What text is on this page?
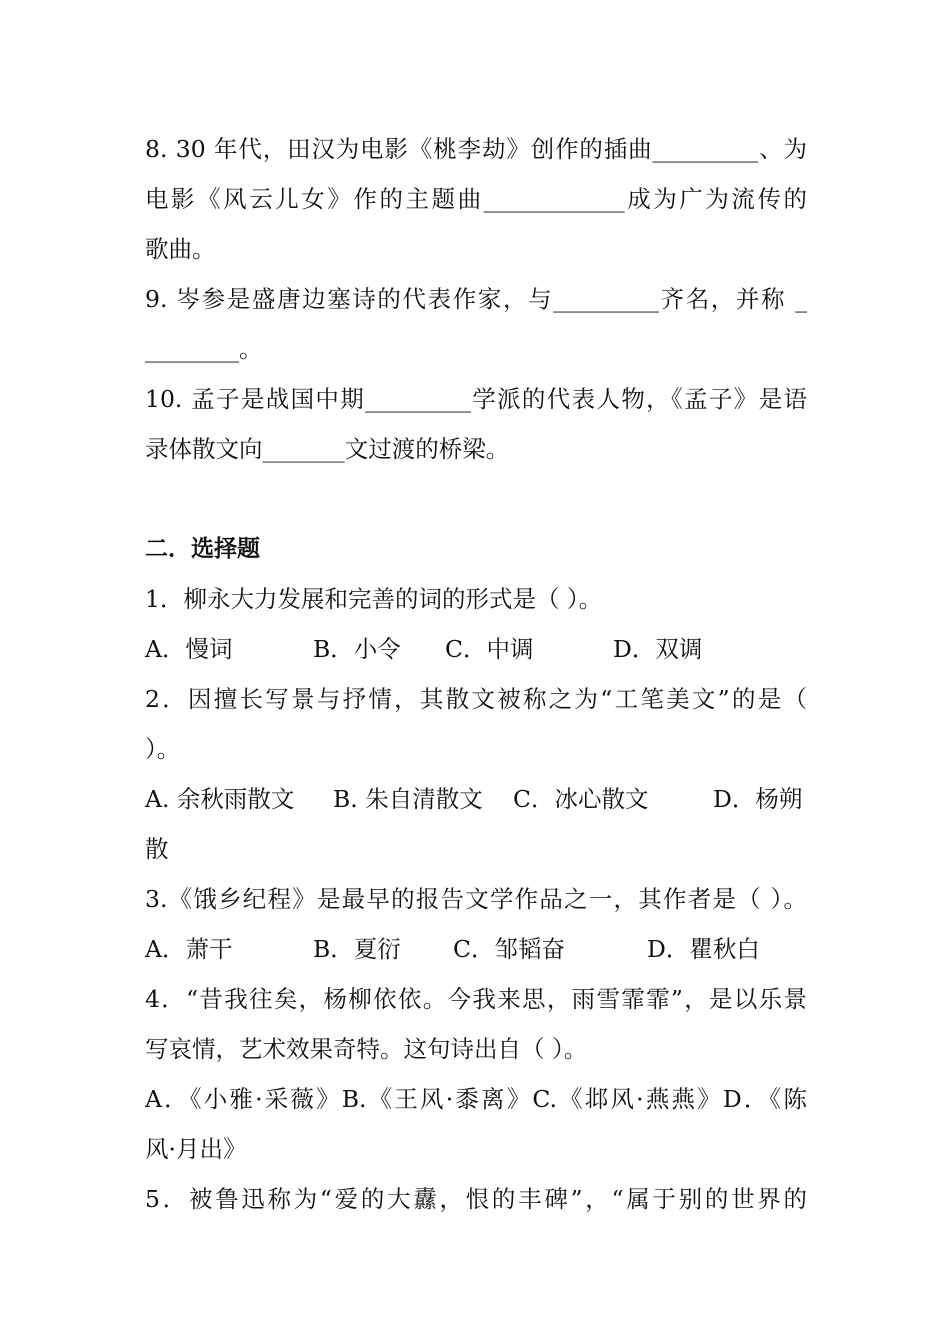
8. 30 年代，田汉为电影《桃李劫》创作的插曲_________、为
电影《风云儿女》作的主题曲____________成为广为流传的
歌曲。
9. 岑参是盛唐边塞诗的代表作家，与_________齐名，并称 _
________。
10. 孟子是战国中期_________学派的代表人物，《孟子》是语
录体散文向_______文过渡的桥梁。
二．选择题
1．柳永大力发展和完善的词的形式是（ ）。
A．慢词	B．小令 C．中调	D．双调
2．因擅长写景与抒情，其散文被称之为“工笔美文”的是（
）。
A. 余秋雨散文 B. 朱自清散文 C．冰心散文	D．杨朔
散
3.《饿乡纪程》是最早的报告文学作品之一，其作者是（ ）。
A．萧干	B．夏衍 C．邹韬奋	D．瞿秋白
4．“昔我往矣，杨柳依依。今我来思，雨雪霏霏”，是以乐景
写哀情，艺术效果奇特。这句诗出自（ ）。
A．《小雅·采薇》B.《王风·黍离》C.《邶风·燕燕》D．《陈
风·月出》
5．被鲁迅称为“爱的大纛，恨的丰碑”，“属于别的世界的
